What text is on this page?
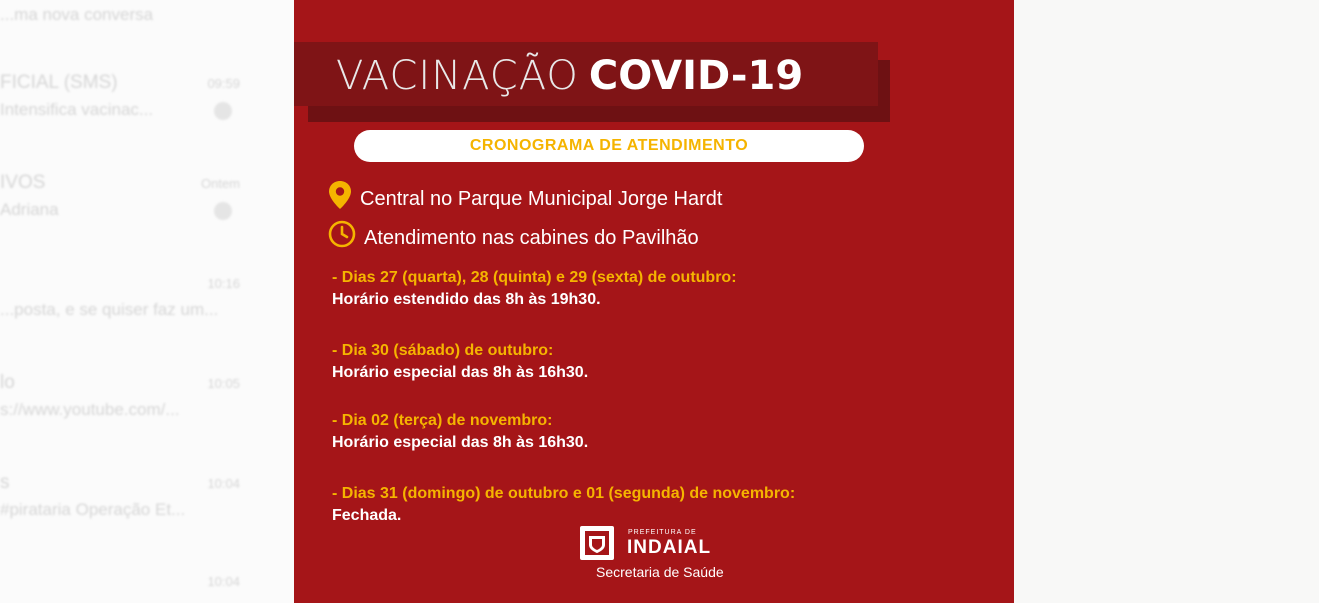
...ma nova conversa
FICIAL (SMS)	09:59
Intensifica vacinac...
IVOS	Ontem
Adriana
10:16
...posta, e se quiser faz um...
lo	10:05
s://www.youtube.com/...
s	10:04
#pirataria Operação Et...
10:04
VACINAÇÃO COVID-19
CRONOGRAMA DE ATENDIMENTO
Central no Parque Municipal Jorge Hardt
Atendimento nas cabines do Pavilhão
- Dias 27 (quarta), 28 (quinta) e 29 (sexta) de outubro:
Horário estendido das 8h às 19h30.
- Dia 30 (sábado) de outubro:
Horário especial das 8h às 16h30.
- Dia 02 (terça) de novembro:
Horário especial das 8h às 16h30.
- Dias 31 (domingo) de outubro e 01 (segunda) de novembro:
Fechada.
PREFEITURA DE
INDAIAL
Secretaria de Saúde
